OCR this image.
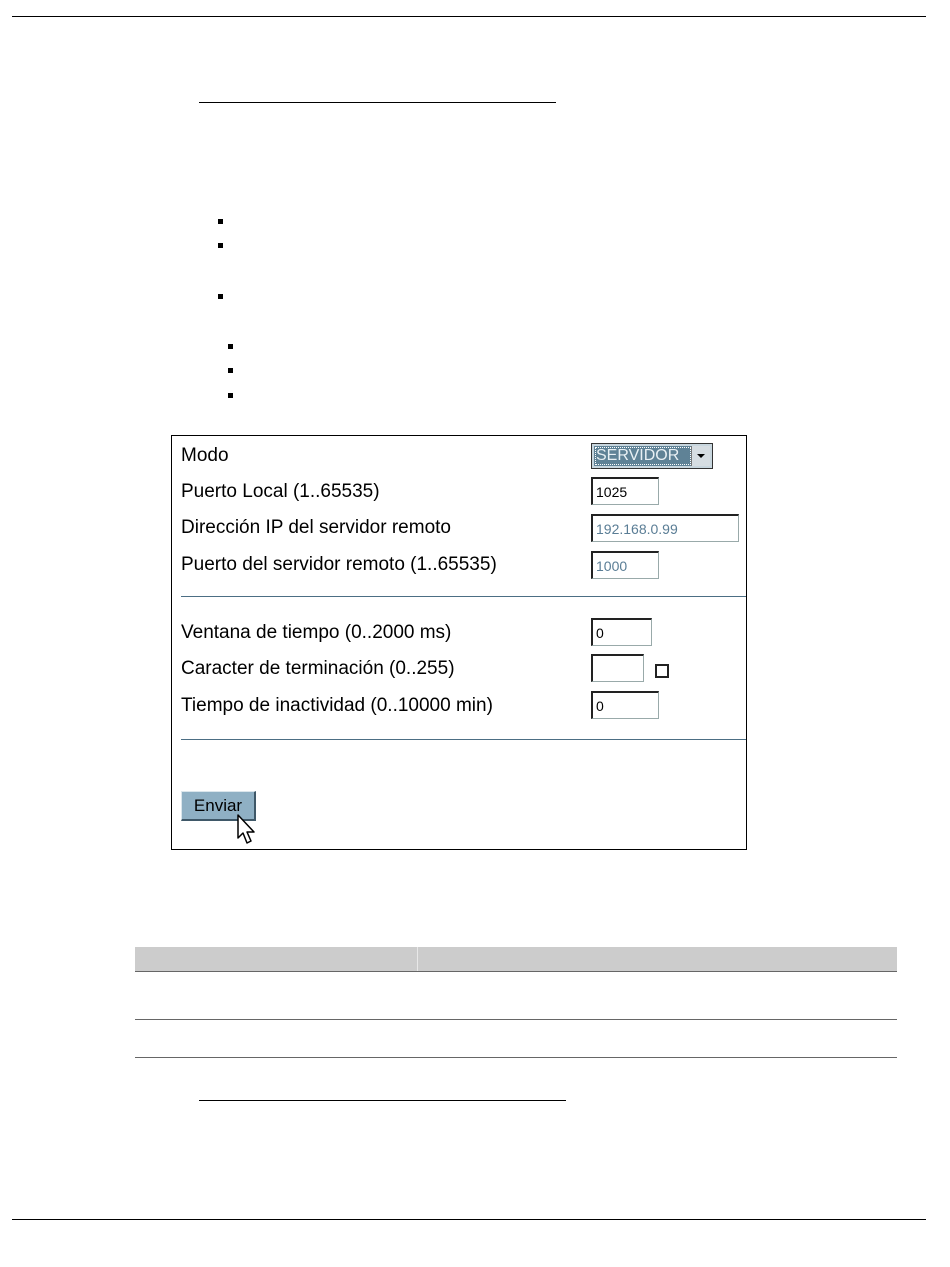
Modo	SERVIDOR
Puerto Local (1..65535)	1025
Dirección IP del servidor remoto	192.168.0.99
Puerto del servidor remoto (1..65535)	1000
Ventana de tiempo (0..2000 ms)	0
Caracter de terminación (0..255)
Tiempo de inactividad (0..10000 min)	0
Enviar
